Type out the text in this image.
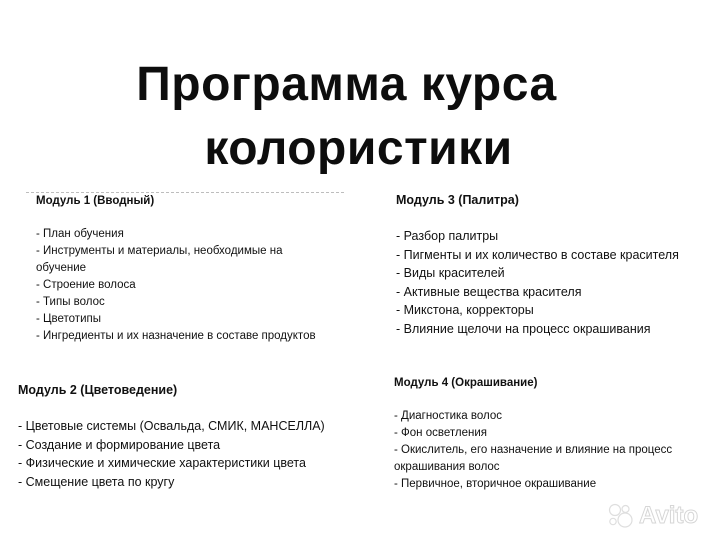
Программа курса
колористики
Модуль 1 (Вводный)
- План обучения
- Инструменты и материалы, необходимые на
обучение
- Строение волоса
- Типы волос
- Цветотипы
- Ингредиенты и их назначение в составе продуктов
Модуль 2 (Цветоведение)
- Цветовые системы (Освальда, СМИК, МАНСЕЛЛА)
- Создание и формирование цвета
- Физические и химические характеристики цвета
- Смещение цвета по кругу
Модуль 3 (Палитра)
- Разбор палитры
- Пигменты и их количество в составе красителя
- Виды красителей
- Активные вещества красителя
- Микстона, корректоры
- Влияние щелочи на процесс окрашивания
Модуль 4 (Окрашивание)
- Диагностика волос
- Фон осветления
- Окислитель, его назначение и влияние на процесс
окрашивания волос
- Первичное, вторичное окрашивание
Avito
